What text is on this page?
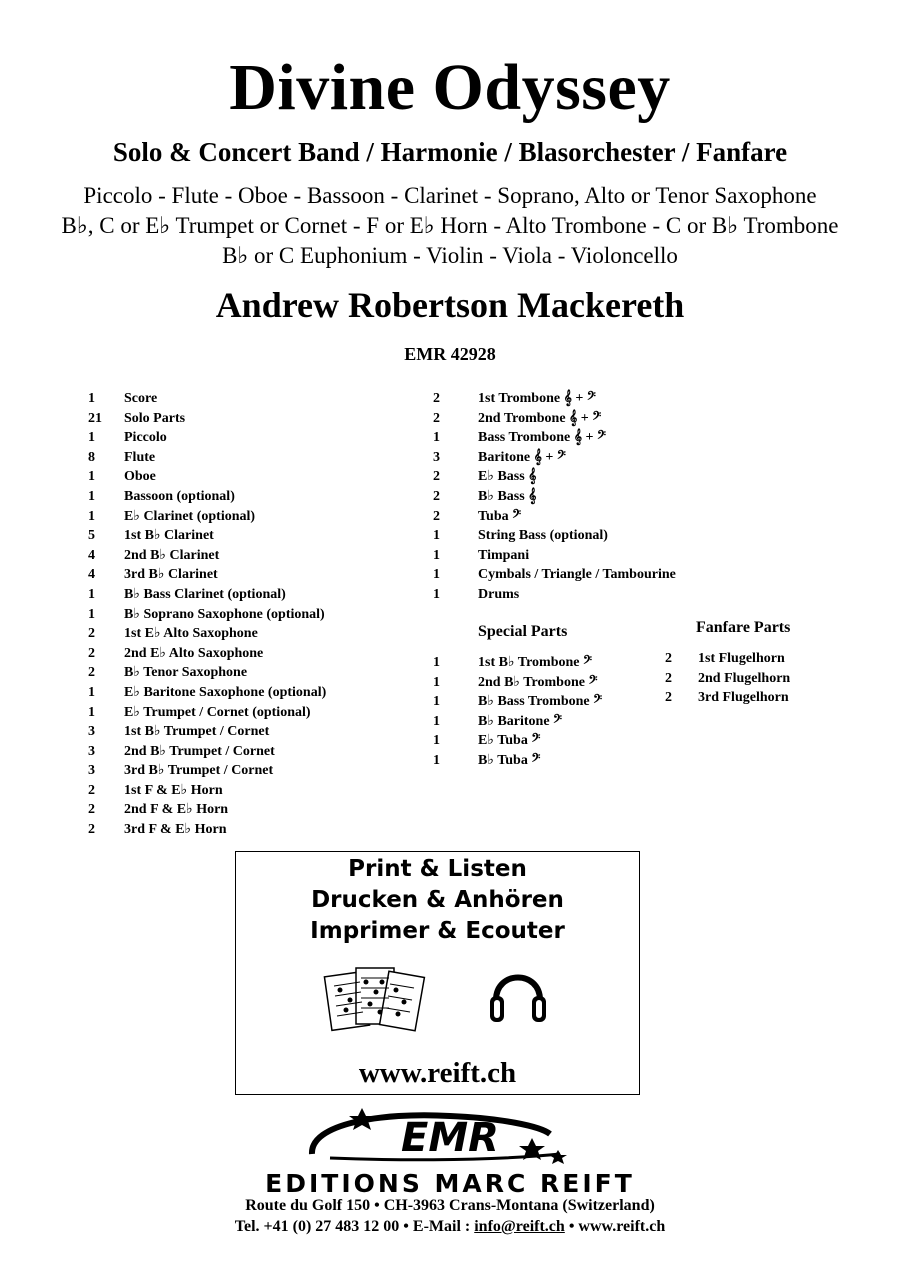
Divine Odyssey
Solo & Concert Band / Harmonie / Blasorchester / Fanfare
Piccolo - Flute - Oboe - Bassoon - Clarinet - Soprano, Alto or Tenor Saxophone
B♭, C or E♭ Trumpet or Cornet - F or E♭ Horn - Alto Trombone - C or B♭ Trombone
B♭ or C Euphonium - Violin - Viola - Violoncello
Andrew Robertson Mackereth
EMR 42928
1 Score
21 Solo Parts
1 Piccolo
8 Flute
1 Oboe
1 Bassoon (optional)
1 E♭ Clarinet (optional)
5 1st B♭ Clarinet
4 2nd B♭ Clarinet
4 3rd B♭ Clarinet
1 B♭ Bass Clarinet (optional)
1 B♭ Soprano Saxophone (optional)
2 1st E♭ Alto Saxophone
2 2nd E♭ Alto Saxophone
2 B♭ Tenor Saxophone
1 E♭ Baritone Saxophone (optional)
1 E♭ Trumpet / Cornet (optional)
3 1st B♭ Trumpet / Cornet
3 2nd B♭ Trumpet / Cornet
3 3rd B♭ Trumpet / Cornet
2 1st F & E♭ Horn
2 2nd F & E♭ Horn
2 3rd F & E♭ Horn
2	1st Trombone 𝄞 + 𝄢
2	2nd Trombone 𝄞 + 𝄢
1	Bass Trombone 𝄞 + 𝄢
3	Baritone 𝄞 + 𝄢
2	E♭ Bass 𝄞
2	B♭ Bass 𝄞
2	Tuba 𝄢
1	String Bass (optional)
1	Timpani
1	Cymbals / Triangle / Tambourine
1	Drums
Special Parts
1	1st B♭ Trombone 𝄢
1	2nd B♭ Trombone 𝄢
1	B♭ Bass Trombone 𝄢
1	B♭ Baritone 𝄢
1	E♭ Tuba 𝄢
1	B♭ Tuba 𝄢
Fanfare Parts
2 1st Flugelhorn
2 2nd Flugelhorn
2 3rd Flugelhorn
Print & Listen
Drucken & Anhören
Imprimer & Ecouter
www.reift.ch
EMR
EDITIONS MARC REIFT
Route du Golf 150 • CH-3963 Crans-Montana (Switzerland)
Tel. +41 (0) 27 483 12 00 • E-Mail : info@reift.ch • www.reift.ch
